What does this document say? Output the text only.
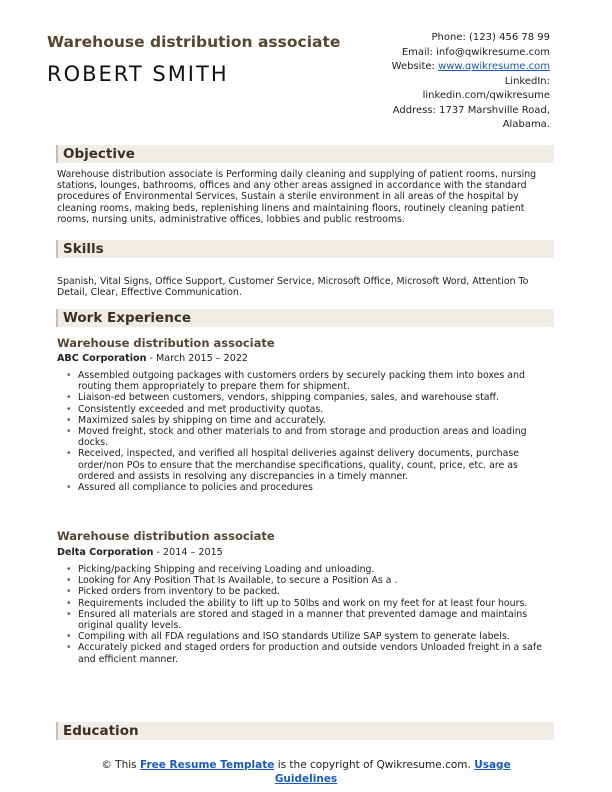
Warehouse distribution associate
ROBERT SMITH
Phone: (123) 456 78 99
Email: info@qwikresume.com
Website: www.qwikresume.com
LinkedIn:
linkedin.com/qwikresume
Address: 1737 Marshville Road,
Alabama.
Objective
Warehouse distribution associate is Performing daily cleaning and supplying of patient rooms, nursing stations, lounges, bathrooms, offices and any other areas assigned in accordance with the standard procedures of Environmental Services, Sustain a sterile environment in all areas of the hospital by cleaning rooms, making beds, replenishing linens and maintaining floors, routinely cleaning patient rooms, nursing units, administrative offices, lobbies and public restrooms.
Skills
Spanish, Vital Signs, Office Support, Customer Service, Microsoft Office, Microsoft Word, Attention To Detail, Clear, Effective Communication.
Work Experience
Warehouse distribution associate
ABC Corporation - March 2015 – 2022
• Assembled outgoing packages with customers orders by securely packing them into boxes and routing them appropriately to prepare them for shipment.
• Liaison-ed between customers, vendors, shipping companies, sales, and warehouse staff.
• Consistently exceeded and met productivity quotas.
• Maximized sales by shipping on time and accurately.
• Moved freight, stock and other materials to and from storage and production areas and loading docks.
• Received, inspected, and verified all hospital deliveries against delivery documents, purchase order/non POs to ensure that the merchandise specifications, quality, count, price, etc. are as ordered and assists in resolving any discrepancies in a timely manner.
• Assured all compliance to policies and procedures
Warehouse distribution associate
Delta Corporation - 2014 – 2015
• Picking/packing Shipping and receiving Loading and unloading.
• Looking for Any Position That Is Available, to secure a Position As a .
• Picked orders from inventory to be packed.
• Requirements included the ability to lift up to 50lbs and work on my feet for at least four hours.
• Ensured all materials are stored and staged in a manner that prevented damage and maintains original quality levels.
• Compiling with all FDA regulations and ISO standards Utilize SAP system to generate labels.
• Accurately picked and staged orders for production and outside vendors Unloaded freight in a safe and efficient manner.
Education
© This Free Resume Template is the copyright of Qwikresume.com. Usage
Guidelines
